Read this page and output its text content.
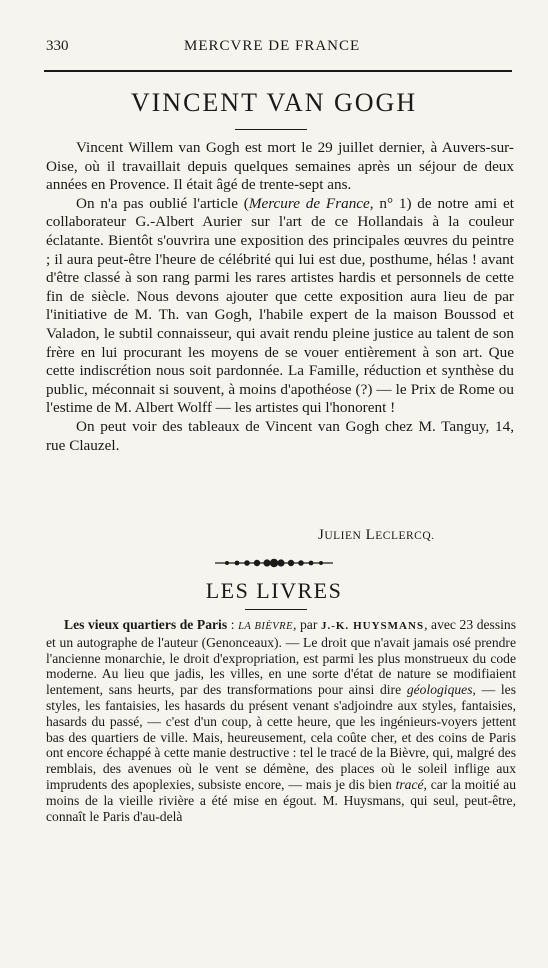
330	MERCVRE DE FRANCE
VINCENT VAN GOGH

Vincent Willem van Gogh est mort le 29 juillet dernier, à Auvers-sur-Oise, où il travaillait depuis quelques semaines après un séjour de deux années en Provence. Il était âgé de trente-sept ans.

On n'a pas oublié l'article (Mercure de France, n° 1) de notre ami et collaborateur G.-Albert Aurier sur l'art de ce Hollandais à la couleur éclatante. Bientôt s'ouvrira une exposition des principales œuvres du peintre ; il aura peut-être l'heure de célébrité qui lui est due, posthume, hélas ! avant d'être classé à son rang parmi les rares artistes hardis et personnels de cette fin de siècle. Nous devons ajouter que cette exposition aura lieu de par l'initiative de M. Th. van Gogh, l'habile expert de la maison Boussod et Valadon, le subtil connaisseur, qui avait rendu pleine justice au talent de son frère en lui procurant les moyens de se vouer entièrement à son art. Que cette indiscrétion nous soit pardonnée. La Famille, réduction et synthèse du public, méconnait si souvent, à moins d'apothéose (?) — le Prix de Rome ou l'estime de M. Albert Wolff — les artistes qui l'honorent !

On peut voir des tableaux de Vincent van Gogh chez M. Tanguy, 14, rue Clauzel.

JULIEN LECLERCQ.
LES LIVRES

Les vieux quartiers de Paris : LA BIÈVRE, par J.-K. HUYSMANS, avec 23 dessins et un autographe de l'auteur (Genonceaux). — Le droit que n'avait jamais osé prendre l'ancienne monarchie, le droit d'expropriation, est parmi les plus monstrueux du code moderne. Au lieu que jadis, les villes, en une sorte d'état de nature se modifiaient lentement, sans heurts, par des transformations pour ainsi dire géologiques, — les styles, les fantaisies, les hasards du présent venant s'adjoindre aux styles, fantaisies, hasards du passé, — c'est d'un coup, à cette heure, que les ingénieurs-voyers jettent bas des quartiers de ville. Mais, heureusement, cela coûte cher, et des coins de Paris ont encore échappé à cette manie destructive : tel le tracé de la Bièvre, qui, malgré des remblais, des avenues où le vent se démène, des places où le soleil inflige aux imprudents des apoplexies, subsiste encore, — mais je dis bien tracé, car la moitié au moins de la vieille rivière a été mise en égout. M. Huysmans, qui seul, peut-être, connaît le Paris d'au-delà
